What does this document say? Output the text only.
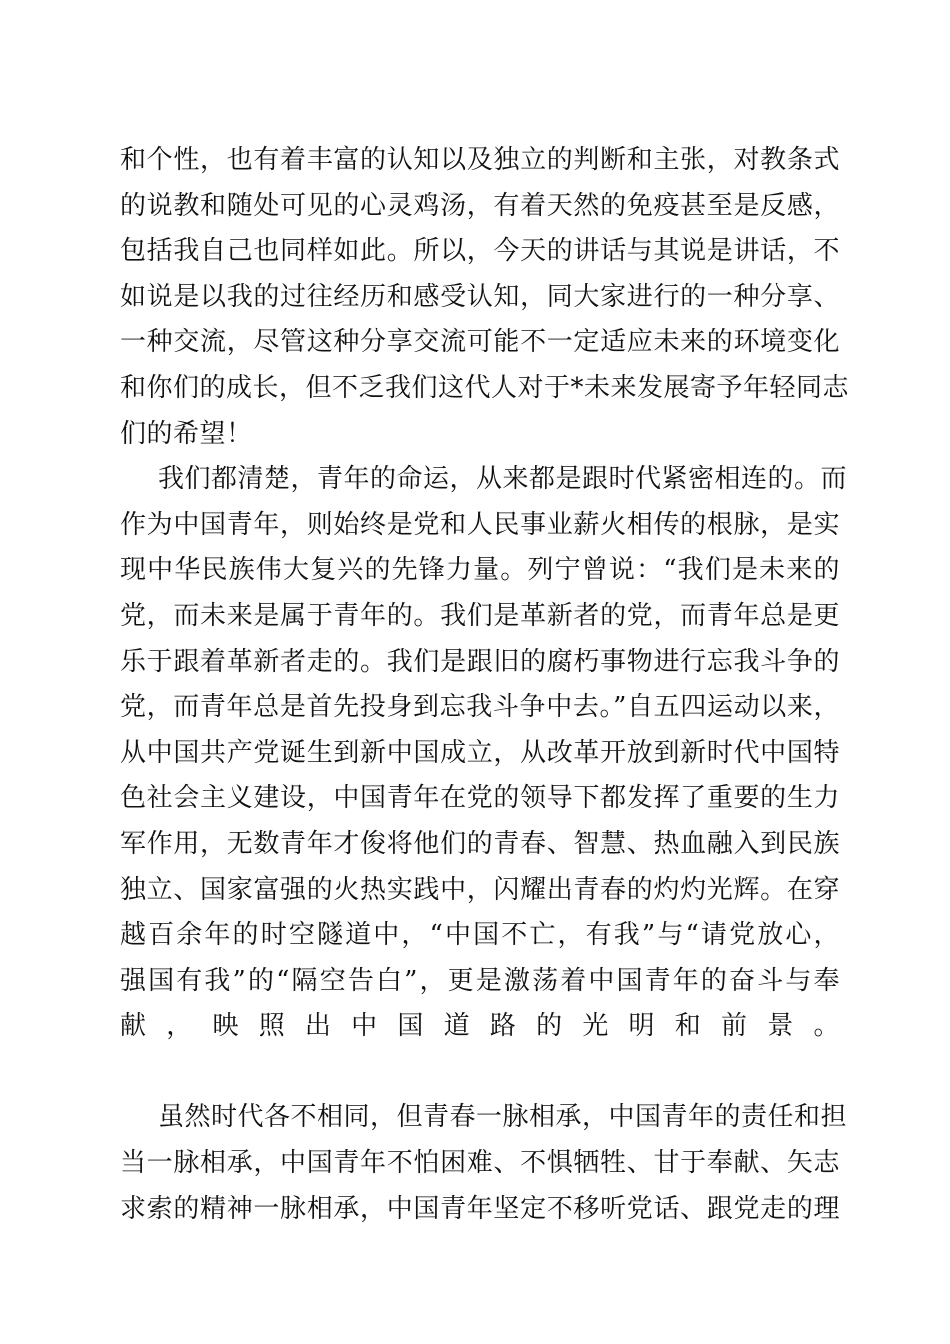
和个性，也有着丰富的认知以及独立的判断和主张，对教条式
的说教和随处可见的心灵鸡汤，有着天然的免疫甚至是反感，
包括我自己也同样如此。所以，今天的讲话与其说是讲话，不
如说是以我的过往经历和感受认知，同大家进行的一种分享、
一种交流，尽管这种分享交流可能不一定适应未来的环境变化
和你们的成长，但不乏我们这代人对于*未来发展寄予年轻同志
们的希望！
我们都清楚，青年的命运，从来都是跟时代紧密相连的。而
作为中国青年，则始终是党和人民事业薪火相传的根脉，是实
现中华民族伟大复兴的先锋力量。列宁曾说：“我们是未来的
党，而未来是属于青年的。我们是革新者的党，而青年总是更
乐于跟着革新者走的。我们是跟旧的腐朽事物进行忘我斗争的
党，而青年总是首先投身到忘我斗争中去。”自五四运动以来，
从中国共产党诞生到新中国成立，从改革开放到新时代中国特
色社会主义建设，中国青年在党的领导下都发挥了重要的生力
军作用，无数青年才俊将他们的青春、智慧、热血融入到民族
独立、国家富强的火热实践中，闪耀出青春的灼灼光辉。在穿
越百余年的时空隧道中，“中国不亡，有我”与“请党放心，
强国有我”的“隔空告白”，更是激荡着中国青年的奋斗与奉
献，映照出中国道路的光明和前景。
虽然时代各不相同，但青春一脉相承，中国青年的责任和担
当一脉相承，中国青年不怕困难、不惧牺牲、甘于奉献、矢志
求索的精神一脉相承，中国青年坚定不移听党话、跟党走的理
